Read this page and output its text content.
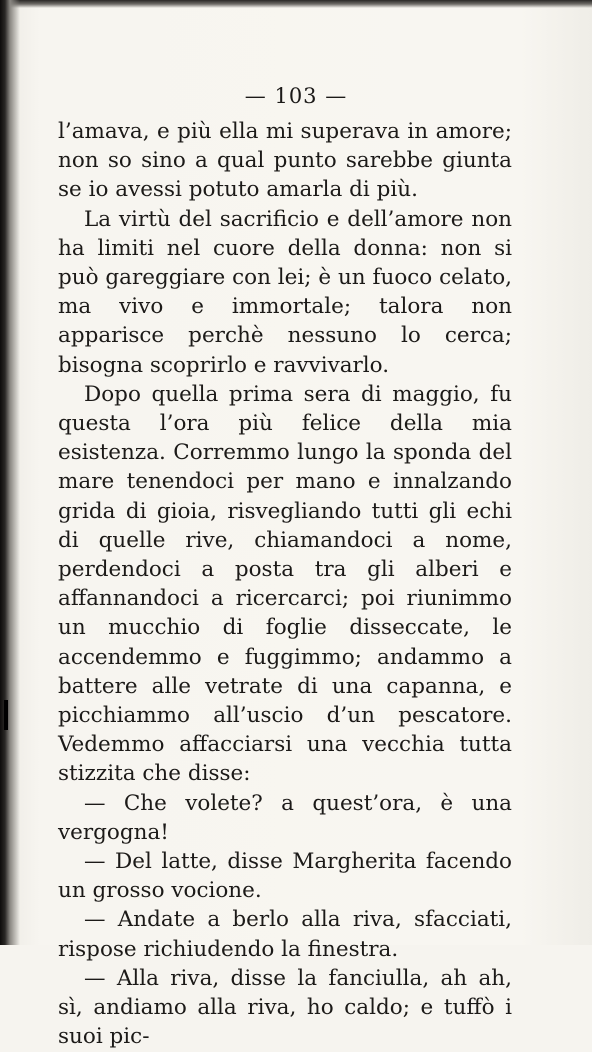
— 103 —

l’amava, e più ella mi superava in amore; non so sino a qual punto sarebbe giunta se io avessi potuto amarla di più.

La virtù del sacrificio e dell’amore non ha limiti nel cuore della donna: non si può gareggiare con lei; è un fuoco celato, ma vivo e immortale; talora non apparisce perchè nessuno lo cerca; bisogna scoprirlo e ravvivarlo.

Dopo quella prima sera di maggio, fu questa l’ora più felice della mia esistenza. Corremmo lungo la sponda del mare tenendoci per mano e innalzando grida di gioia, risvegliando tutti gli echi di quelle rive, chiamandoci a nome, perdendoci a posta tra gli alberi e affannandoci a ricercarci; poi riunimmo un mucchio di foglie disseccate, le accendemmo e fuggimmo; andammo a battere alle vetrate di una capanna, e picchiammo all’uscio d’un pescatore. Vedemmo affacciarsi una vecchia tutta stizzita che disse:

— Che volete? a quest’ora, è una vergogna!

— Del latte, disse Margherita facendo un grosso vocione.

— Andate a berlo alla riva, sfacciati, rispose richiudendo la finestra.

— Alla riva, disse la fanciulla, ah ah, sì, andiamo alla riva, ho caldo; e tuffò i suoi pic-
